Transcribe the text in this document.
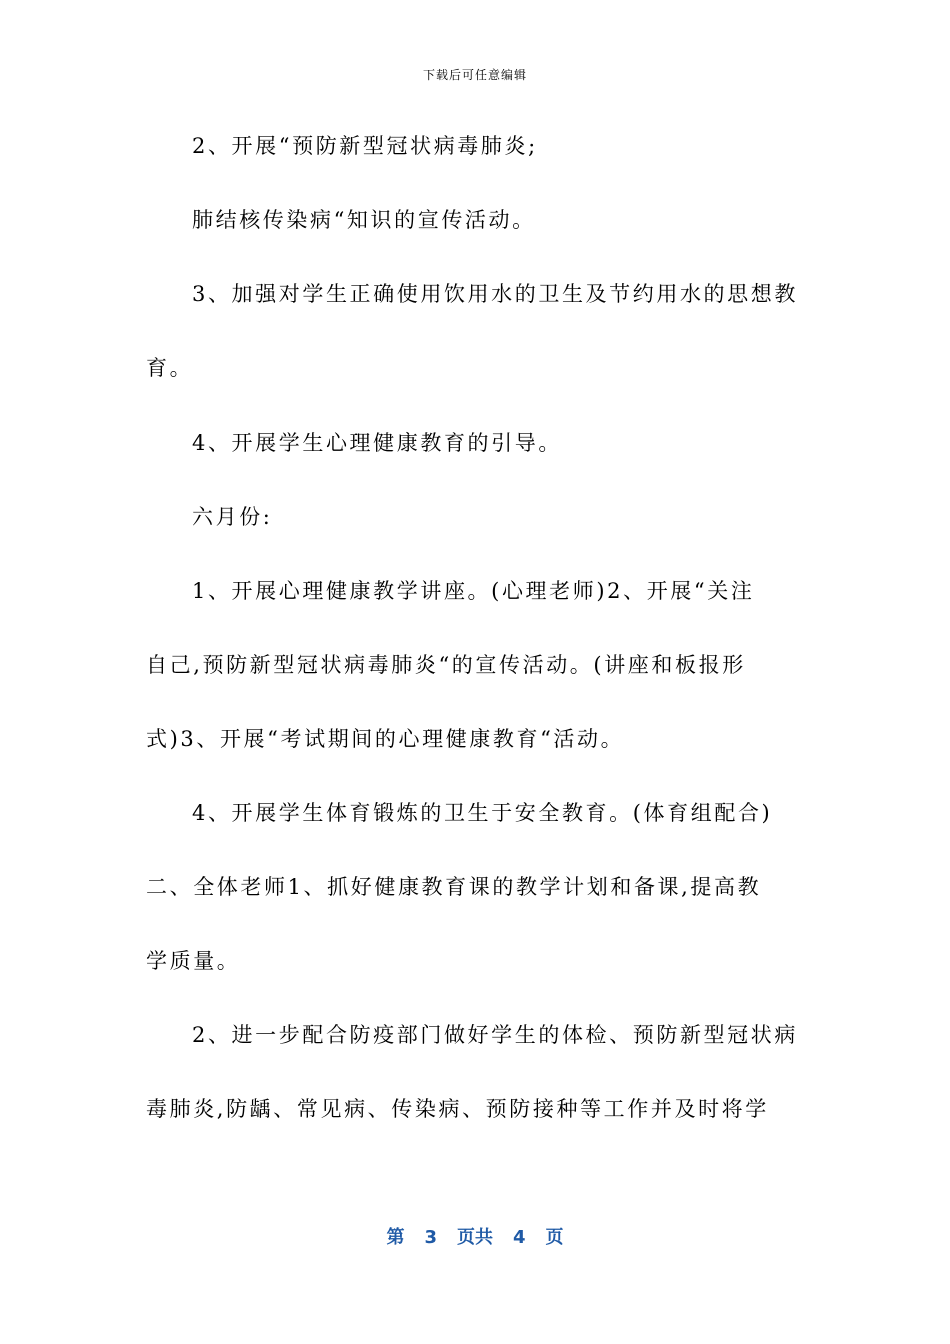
下载后可任意编辑
2、开展“预防新型冠状病毒肺炎;
肺结核传染病“知识的宣传活动。
3、加强对学生正确使用饮用水的卫生及节约用水的思想教
育。
4、开展学生心理健康教育的引导。
六月份:
1、开展心理健康教学讲座。(心理老师)2、开展“关注
自己,预防新型冠状病毒肺炎“的宣传活动。(讲座和板报形
式)3、开展“考试期间的心理健康教育“活动。
4、开展学生体育锻炼的卫生于安全教育。(体育组配合)
二、全体老师1、抓好健康教育课的教学计划和备课,提高教
学质量。
2、进一步配合防疫部门做好学生的体检、预防新型冠状病
毒肺炎,防龋、常见病、传染病、预防接种等工作并及时将学
第 3 页共 4 页
